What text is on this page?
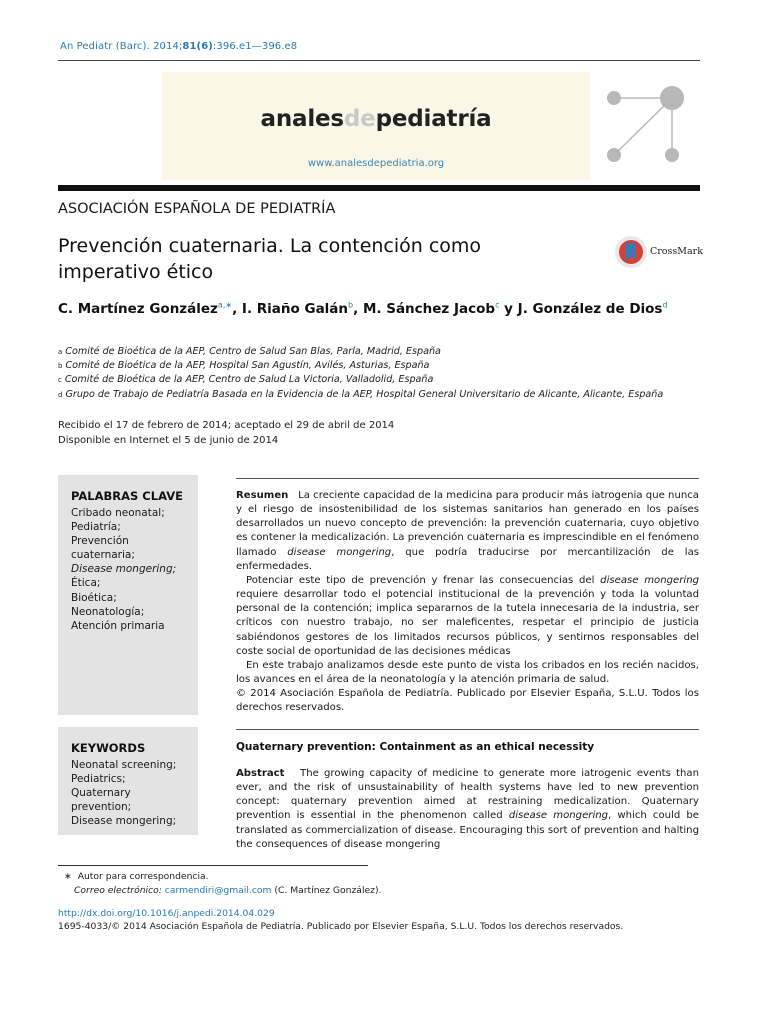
An Pediatr (Barc). 2014;81(6):396.e1—396.e8
analesdepediatría
www.analesdepediatria.org
ASOCIACIÓN ESPAÑOLA DE PEDIATRÍA
Prevención cuaternaria. La contención como
imperativo ético
CrossMark
C. Martínez González$^{a,∗}$, I. Riaño Galán$^b$, M. Sánchez Jacob$^c$ y J. González de Dios$^d$
$^a$ Comité de Bioética de la AEP, Centro de Salud San Blas, Parla, Madrid, España
$^b$ Comité de Bioética de la AEP, Hospital San Agustín, Avilés, Asturias, España
$^c$ Comité de Bioética de la AEP, Centro de Salud La Victoria, Valladolid, España
$^d$ Grupo de Trabajo de Pediatría Basada en la Evidencia de la AEP, Hospital General Universitario de Alicante, Alicante, España
Recibido el 17 de febrero de 2014; aceptado el 29 de abril de 2014
Disponible en Internet el 5 de junio de 2014
PALABRAS CLAVE
Cribado neonatal;
Pediatría;
Prevención
cuaternaria;
Disease mongering;
Ética;
Bioética;
Neonatología;
Atención primaria

Resumen La creciente capacidad de la medicina para producir más iatrogenia que nunca y el riesgo de insostenibilidad de los sistemas sanitarios han generado en los países desarrollados un nuevo concepto de prevención: la prevención cuaternaria, cuyo objetivo es contener la medicalización. La prevención cuaternaria es imprescindible en el fenómeno llamado disease mongering, que podría traducirse por mercantilización de las enfermedades.

Potenciar este tipo de prevención y frenar las consecuencias del disease mongering requiere desarrollar todo el potencial institucional de la prevención y toda la voluntad personal de la contención; implica separarnos de la tutela innecesaria de la industria, ser críticos con nuestro trabajo, no ser maleficentes, respetar el principio de justicia sabiéndonos gestores de los limitados recursos públicos, y sentirnos responsables del coste social de oportunidad de las decisiones médicas

En este trabajo analizamos desde este punto de vista los cribados en los recién nacidos, los avances en el área de la neonatología y la atención primaria de salud.

© 2014 Asociación Española de Pediatría. Publicado por Elsevier España, S.L.U. Todos los derechos reservados.

KEYWORDS
Neonatal screening;
Pediatrics;
Quaternary
prevention;
Disease mongering;
Quaternary prevention: Containment as an ethical necessity

Abstract The growing capacity of medicine to generate more iatrogenic events than ever, and the risk of unsustainability of health systems have led to new prevention concept: quaternary prevention aimed at restraining medicalization. Quaternary prevention is essential in the phenomenon called disease mongering, which could be translated as commercialization of disease. Encouraging this sort of prevention and halting the consequences of disease mongering

∗ Autor para correspondencia.
Correo electrónico: carmendiri@gmail.com (C. Martínez González).
http://dx.doi.org/10.1016/j.anpedi.2014.04.029
1695-4033/© 2014 Asociación Española de Pediatría. Publicado por Elsevier España, S.L.U. Todos los derechos reservados.
